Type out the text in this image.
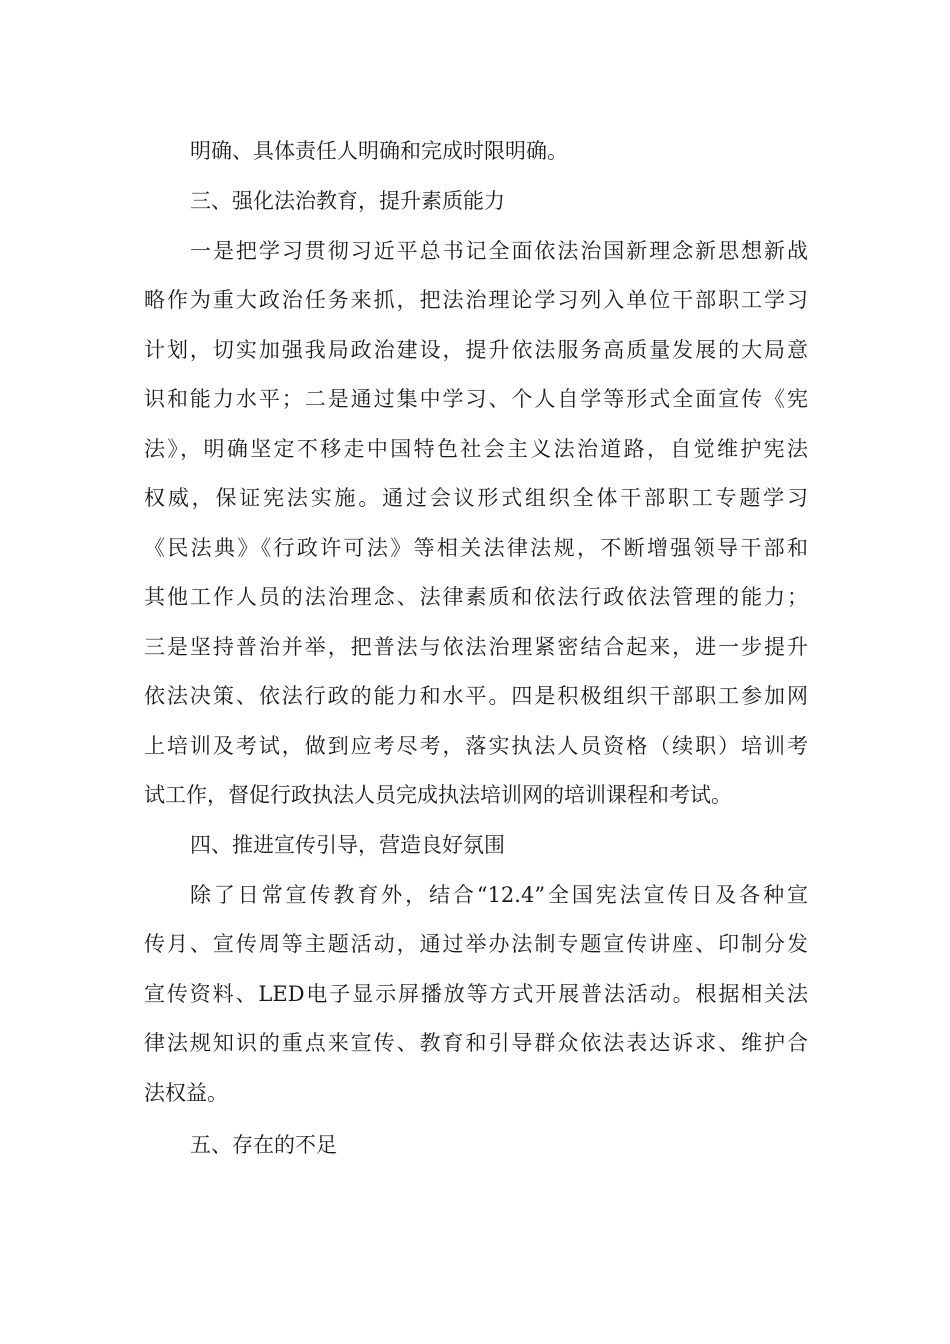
明确、具体责任人明确和完成时限明确。

三、强化法治教育，提升素质能力

一是把学习贯彻习近平总书记全面依法治国新理念新思想新战

略作为重大政治任务来抓，把法治理论学习列入单位干部职工学习

计划，切实加强我局政治建设，提升依法服务高质量发展的大局意

识和能力水平；二是通过集中学习、个人自学等形式全面宣传《宪

法》，明确坚定不移走中国特色社会主义法治道路，自觉维护宪法

权威，保证宪法实施。通过会议形式组织全体干部职工专题学习

《民法典》《行政许可法》等相关法律法规，不断增强领导干部和

其他工作人员的法治理念、法律素质和依法行政依法管理的能力；

三是坚持普治并举，把普法与依法治理紧密结合起来，进一步提升

依法决策、依法行政的能力和水平。四是积极组织干部职工参加网

上培训及考试，做到应考尽考，落实执法人员资格（续职）培训考

试工作，督促行政执法人员完成执法培训网的培训课程和考试。

四、推进宣传引导，营造良好氛围

除了日常宣传教育外，结合“12.4”全国宪法宣传日及各种宣

传月、宣传周等主题活动，通过举办法制专题宣传讲座、印制分发

宣传资料、LED电子显示屏播放等方式开展普法活动。根据相关法

律法规知识的重点来宣传、教育和引导群众依法表达诉求、维护合

法权益。

五、存在的不足
